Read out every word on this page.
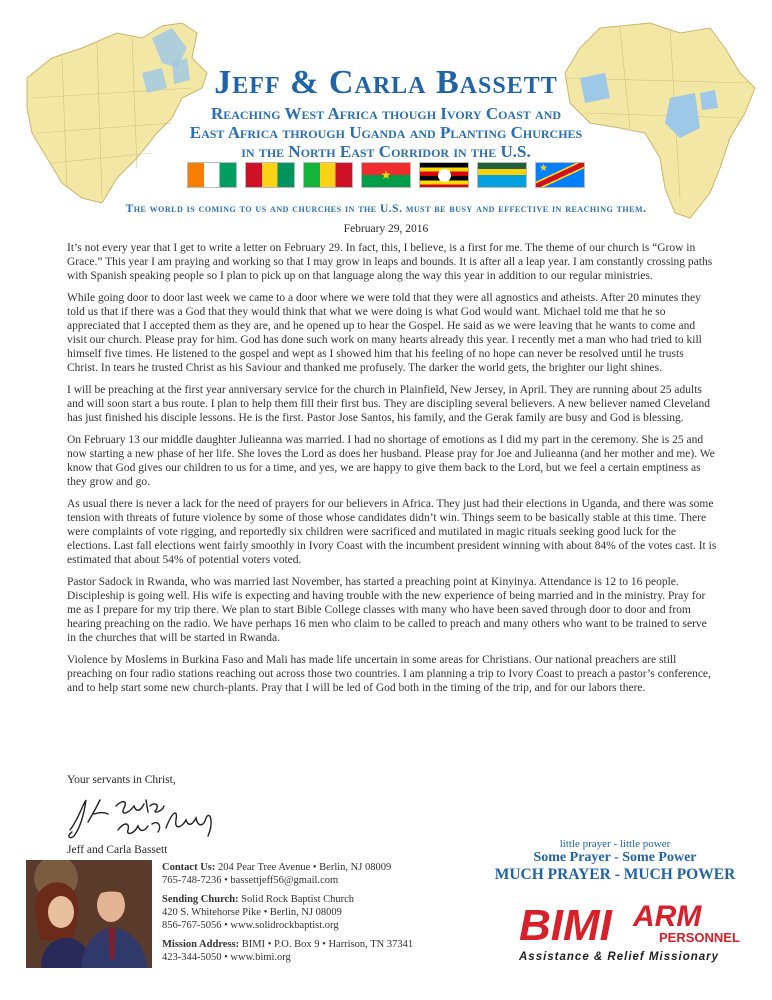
Jeff & Carla Bassett
Reaching West Africa though Ivory Coast and
East Africa through Uganda and Planting Churches
in the North East Corridor in the U.S.
★	★
The world is coming to us and churches in the U.S. must be busy and effective in reaching them.
February 29, 2016

It’s not every year that I get to write a letter on February 29. In fact, this, I believe, is a first for me. The theme of our church is “Grow in Grace.” This year I am praying and working so that I may grow in leaps and bounds. It is after all a leap year. I am constantly crossing paths with Spanish speaking people so I plan to pick up on that language along the way this year in addition to our regular ministries.

While going door to door last week we came to a door where we were told that they were all agnostics and atheists. After 20 minutes they told us that if there was a God that they would think that what we were doing is what God would want. Michael told me that he so appreciated that I accepted them as they are, and he opened up to hear the Gospel. He said as we were leaving that he wants to come and visit our church. Please pray for him. God has done such work on many hearts already this year. I recently met a man who had tried to kill himself five times. He listened to the gospel and wept as I showed him that his feeling of no hope can never be resolved until he trusts Christ. In tears he trusted Christ as his Saviour and thanked me profusely. The darker the world gets, the brighter our light shines.

I will be preaching at the first year anniversary service for the church in Plainfield, New Jersey, in April. They are running about 25 adults and will soon start a bus route. I plan to help them fill their first bus. They are discipling several believers. A new believer named Cleveland has just finished his disciple lessons. He is the first. Pastor Jose Santos, his family, and the Gerak family are busy and God is blessing.

On February 13 our middle daughter Julieanna was married. I had no shortage of emotions as I did my part in the ceremony. She is 25 and now starting a new phase of her life. She loves the Lord as does her husband. Please pray for Joe and Julieanna (and her mother and me). We know that God gives our children to us for a time, and yes, we are happy to give them back to the Lord, but we feel a certain emptiness as they grow and go.

As usual there is never a lack for the need of prayers for our believers in Africa. They just had their elections in Uganda, and there was some tension with threats of future violence by some of those whose candidates didn’t win. Things seem to be basically stable at this time. There were complaints of vote rigging, and reportedly six children were sacrificed and mutilated in magic rituals seeking good luck for the elections. Last fall elections went fairly smoothly in Ivory Coast with the incumbent president winning with about 84% of the votes cast. It is estimated that about 54% of potential voters voted.

Pastor Sadock in Rwanda, who was married last November, has started a preaching point at Kinyinya. Attendance is 12 to 16 people. Discipleship is going well. His wife is expecting and having trouble with the new experience of being married and in the ministry. Pray for me as I prepare for my trip there. We plan to start Bible College classes with many who have been saved through door to door and from hearing preaching on the radio. We have perhaps 16 men who claim to be called to preach and many others who want to be trained to serve in the churches that will be started in Rwanda.

Violence by Moslems in Burkina Faso and Mali has made life uncertain in some areas for Christians. Our national preachers are still preaching on four radio stations reaching out across those two countries. I am planning a trip to Ivory Coast to preach a pastor’s conference, and to help start some new church-plants. Pray that I will be led of God both in the timing of the trip, and for our labors there.

Your servants in Christ,
Jeff and Carla Bassett
Contact Us: 204 Pear Tree Avenue • Berlin, NJ 08009
765-748-7236 • bassettjeff56@gmail.com
Sending Church: Solid Rock Baptist Church
420 S. Whitehorse Pike • Berlin, NJ 08009
856-767-5056 • www.solidrockbaptist.org
Mission Address: BIMI • P.O. Box 9 • Harrison, TN 37341
423-344-5050 • www.bimi.org
little prayer - little power
Some Prayer - Some Power
MUCH PRAYER - MUCH POWER
BIMI ARM
PERSONNEL
Assistance & Relief Missionary
